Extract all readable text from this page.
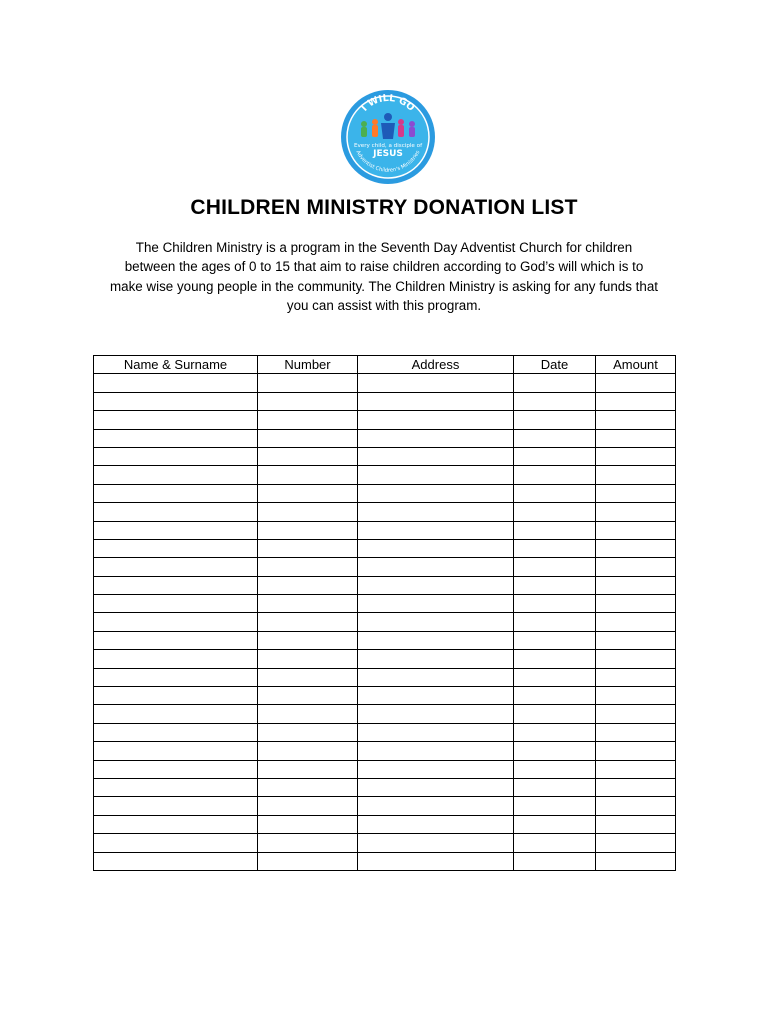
I WILL GO
Every child, a disciple of
JESUS
Adventist Children's Ministries
CHILDREN MINISTRY DONATION LIST
The Children Ministry is a program in the Seventh Day Adventist Church for children
between the ages of 0 to 15 that aim to raise children according to God’s will which is to
make wise young people in the community. The Children Ministry is asking for any funds that
you can assist with this program.
Name & Surname	Number	Address	Date	Amount
